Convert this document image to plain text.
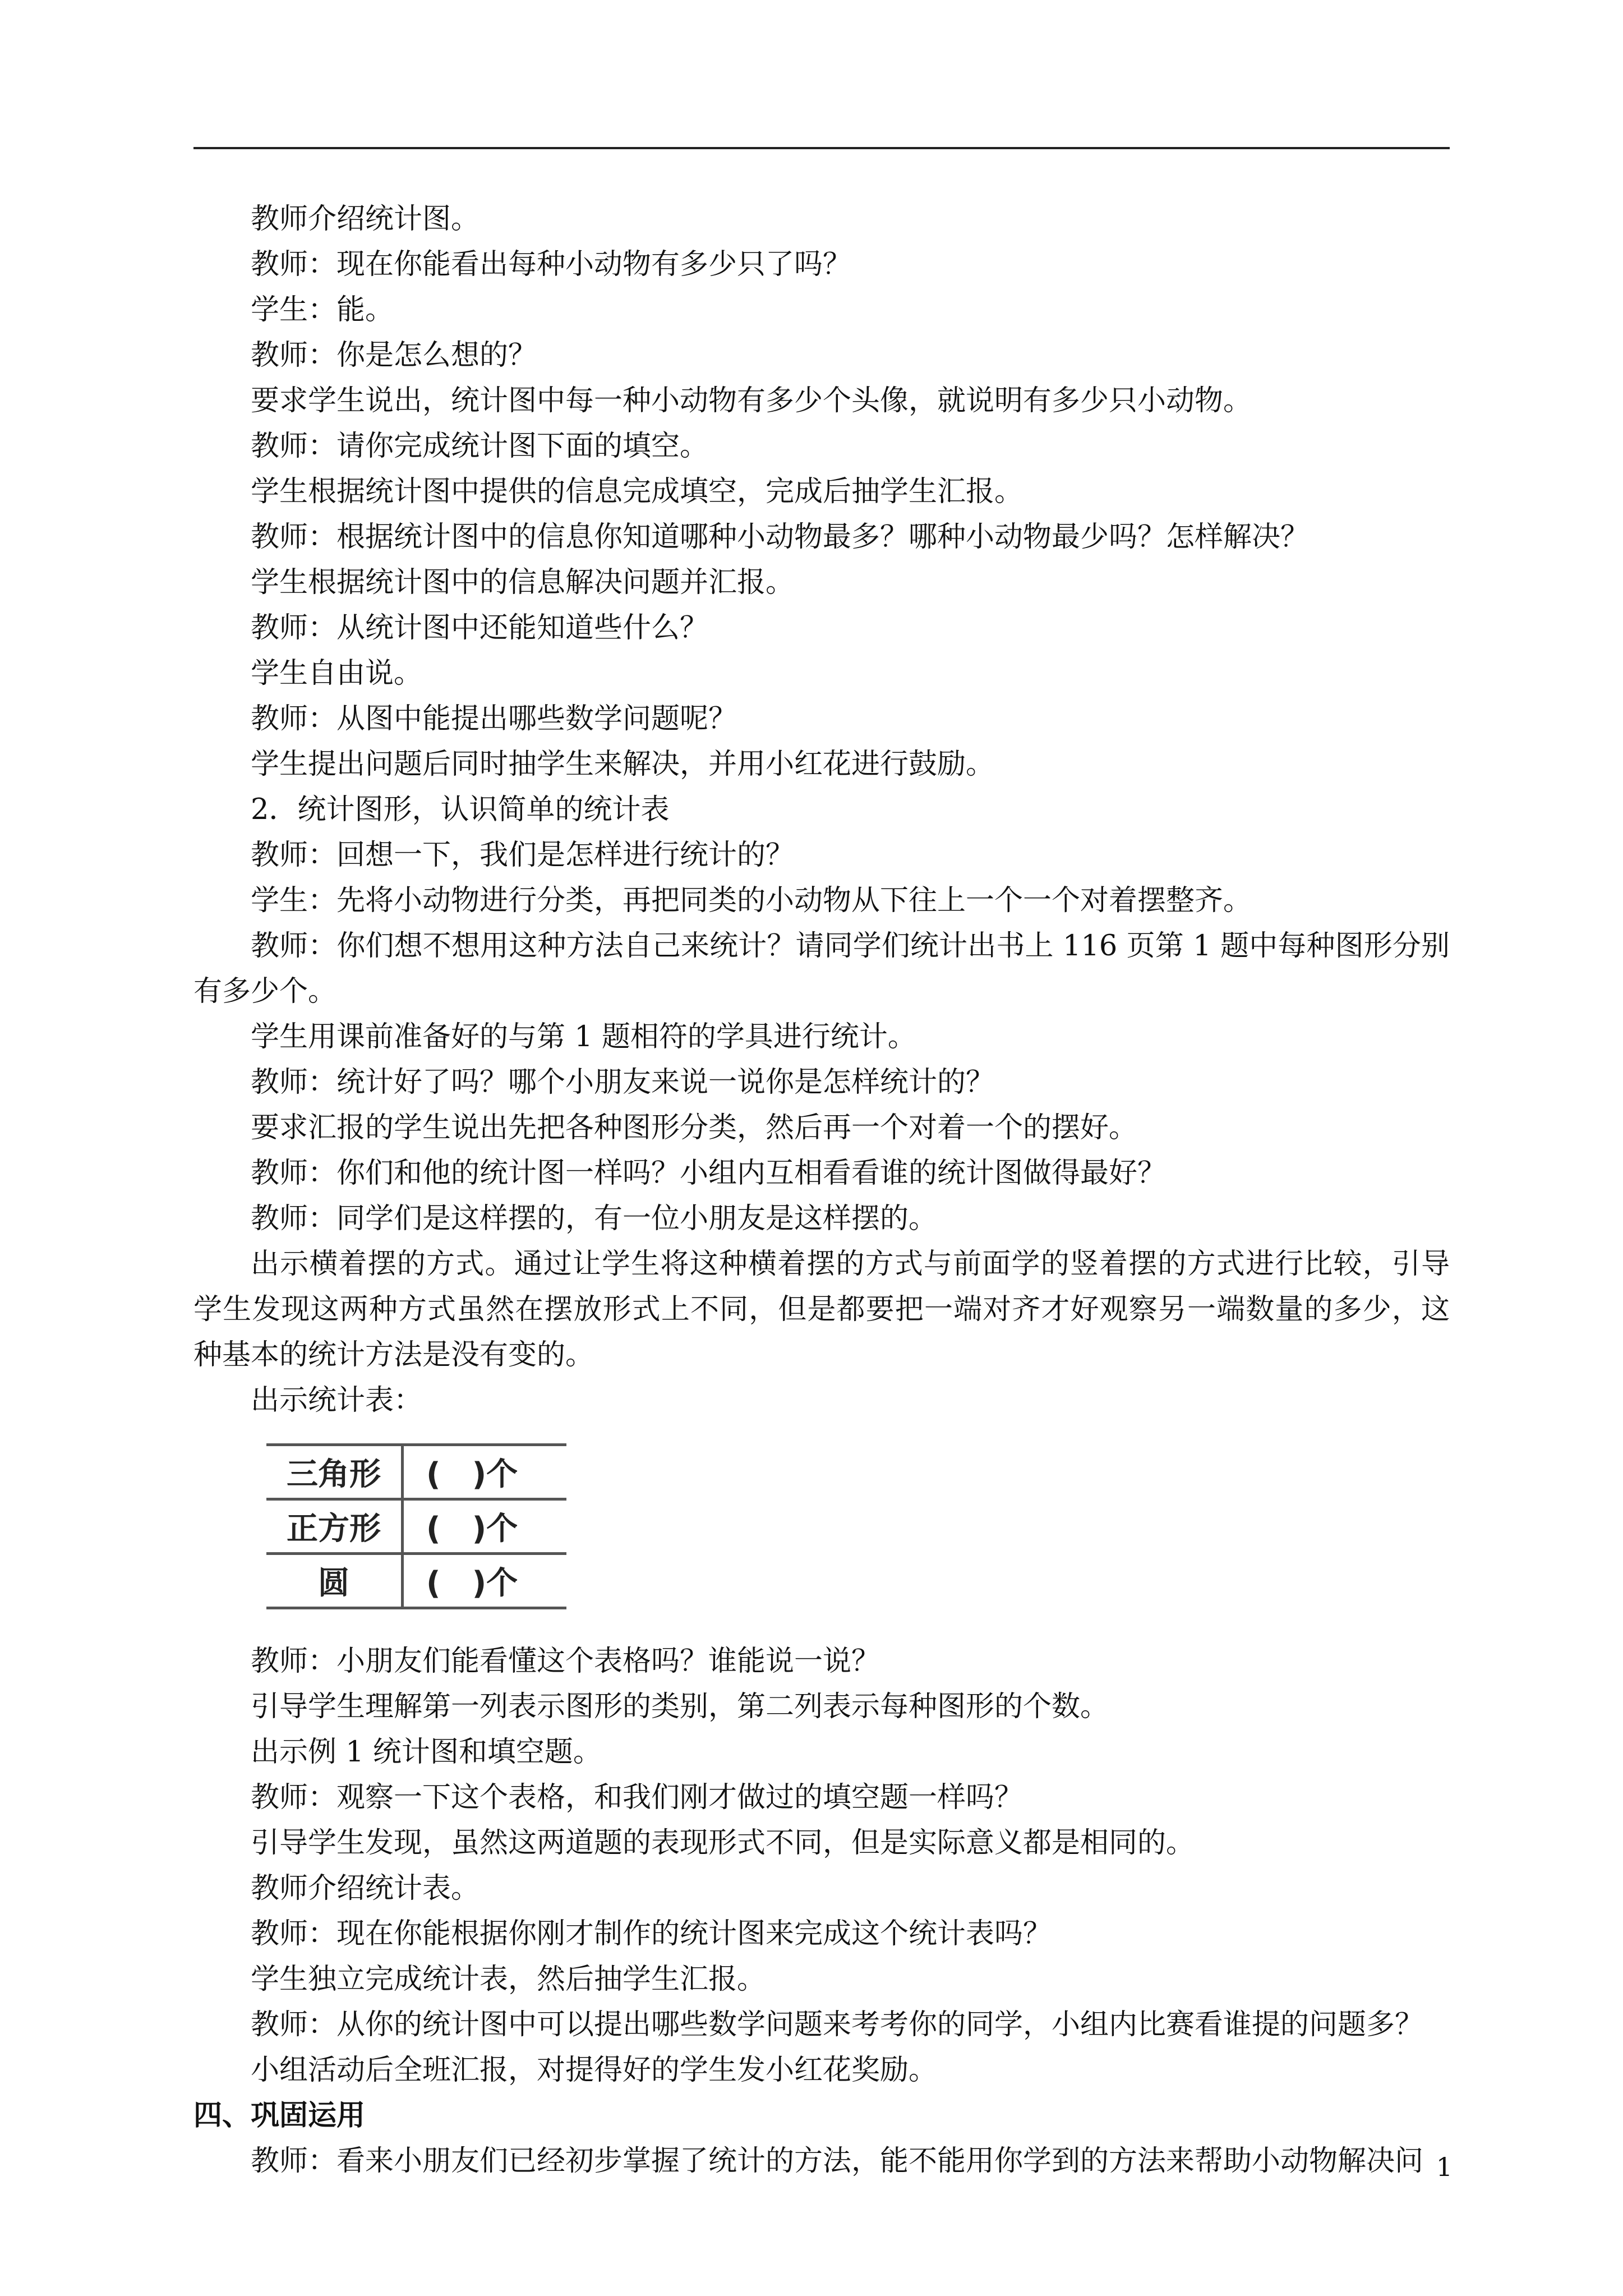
教师介绍统计图。

教师：现在你能看出每种小动物有多少只了吗？

学生：能。

教师：你是怎么想的？

要求学生说出，统计图中每一种小动物有多少个头像，就说明有多少只小动物。

教师：请你完成统计图下面的填空。

学生根据统计图中提供的信息完成填空，完成后抽学生汇报。

教师：根据统计图中的信息你知道哪种小动物最多？哪种小动物最少吗？怎样解决？

学生根据统计图中的信息解决问题并汇报。

教师：从统计图中还能知道些什么？

学生自由说。

教师：从图中能提出哪些数学问题呢？

学生提出问题后同时抽学生来解决，并用小红花进行鼓励。

2．统计图形，认识简单的统计表

教师：回想一下，我们是怎样进行统计的？

学生：先将小动物进行分类，再把同类的小动物从下往上一个一个对着摆整齐。

教师：你们想不想用这种方法自己来统计？请同学们统计出书上 116 页第 1 题中每种图形分别有多少个。

学生用课前准备好的与第 1 题相符的学具进行统计。

教师：统计好了吗？哪个小朋友来说一说你是怎样统计的？

要求汇报的学生说出先把各种图形分类，然后再一个对着一个的摆好。

教师：你们和他的统计图一样吗？小组内互相看看谁的统计图做得最好？

教师：同学们是这样摆的，有一位小朋友是这样摆的。

出示横着摆的方式。通过让学生将这种横着摆的方式与前面学的竖着摆的方式进行比较，引导学生发现这两种方式虽然在摆放形式上不同，但是都要把一端对齐才好观察另一端数量的多少，这种基本的统计方法是没有变的。

出示统计表：

三角形	(　)个
正方形	(　)个
圆	(　)个

教师：小朋友们能看懂这个表格吗？谁能说一说？

引导学生理解第一列表示图形的类别，第二列表示每种图形的个数。

出示例 1 统计图和填空题。

教师：观察一下这个表格，和我们刚才做过的填空题一样吗？

引导学生发现，虽然这两道题的表现形式不同，但是实际意义都是相同的。

教师介绍统计表。

教师：现在你能根据你刚才制作的统计图来完成这个统计表吗？

学生独立完成统计表，然后抽学生汇报。

教师：从你的统计图中可以提出哪些数学问题来考考你的同学，小组内比赛看谁提的问题多？

小组活动后全班汇报，对提得好的学生发小红花奖励。

四、巩固运用

教师：看来小朋友们已经初步掌握了统计的方法，能不能用你学到的方法来帮助小动物解决问 1
